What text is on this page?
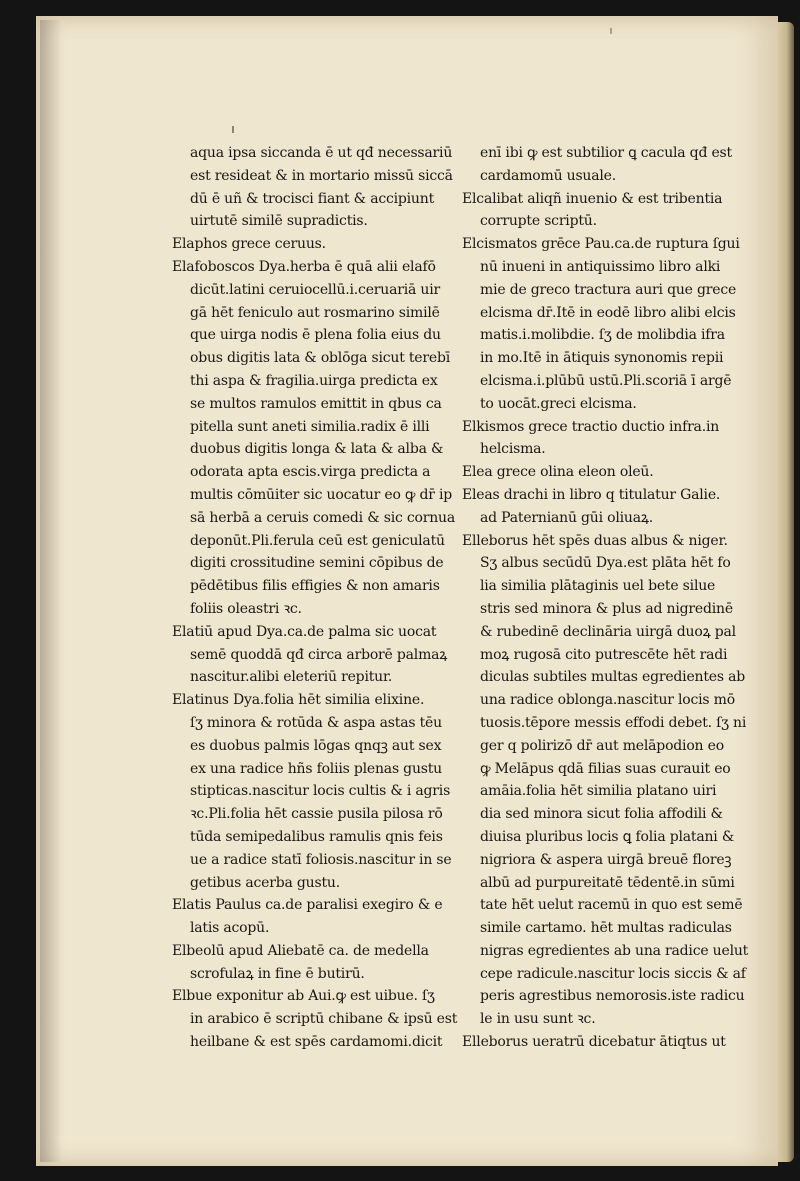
aqua ipsa siccanda ē ut qđ necessariū
est resideat & in mortario missū siccā
dū ē uñ & trocisci fiant & accipiunt
uirtutē similē supradictis.
Elaphos grece ceruus.
Elafoboscos Dya.herba ē quā alii elafō
dicūt.latini ceruiocellū.i.ceruariā uir
gā hēt feniculo aut rosmarino similē
que uirga nodis ē plena folia eius du
obus digitis lata & oblōga sicut terebī
thi aspa & fragilia.uirga predicta ex
se multos ramulos emittit in qbus ca
pitella sunt aneti similia.radix ē illi
duobus digitis longa & lata & alba &
odorata apta escis.virga predicta a
multis cōmūiter sic uocatur eo ꝙ dr̄ ip
sā herbā a ceruis comedi & sic cornua
deponūt.Pli.ferula ceū est geniculatū
digiti crossitudine semini cōpibus de
pēdētibus filis effigies & non amaris
foliis oleastri ꝛc.
Elatiū apud Dya.ca.de palma sic uocat
semē quoddā qđ circa arborē palmaꝝ
nascitur.alibi eleteriū repitur.
Elatinus Dya.folia hēt similia elixine.
ſʒ minora & rotūda & aspa astas tēu
es duobus palmis lōgas qnqꝫ aut sex
ex una radice hñs foliis plenas gustu
stipticas.nascitur locis cultis & i agris
ꝛc.Pli.folia hēt cassie pusila pilosa rō
tūda semipedalibus ramulis qnis feis
ue a radice statī foliosis.nascitur in se
getibus acerba gustu.
Elatis Paulus ca.de paralisi exegiro & e
latis acopū.
Elbeolū apud Aliebatē ca. de medella
scrofulaꝝ in fine ē butirū.
Elbue exponitur ab Aui.ꝙ est uibue. ſʒ
in arabico ē scriptū chibane & ipsū est
heilbane & est spēs cardamomi.dicit
enī ibi ꝙ est subtilior ꝗ cacula qđ est
cardamomū usuale.
Elcalibat aliqñ inuenio & est tribentia
corrupte scriptū.
Elcismatos grēce Pau.ca.de ruptura ſgui
nū inueni in antiquissimo libro alki
mie de greco tractura auri que grece
elcisma dr̄.Itē in eodē libro alibi elcis
matis.i.molibdie. ſʒ de molibdia ifra
in mo.Itē in ātiquis synonomis repii
elcisma.i.plūbū ustū.Pli.scoriā ī argē
to uocāt.greci elcisma.
Elkismos grece tractio ductio infra.in
helcisma.
Elea grece olina eleon oleū.
Eleas drachi in libro q titulatur Galie.
ad Paternianū gūi oliuaꝝ.
Elleborus hēt spēs duas albus & niger.
Sʒ albus secūdū Dya.est plāta hēt fo
lia similia plātaginis uel bete silue
stris sed minora & plus ad nigredinē
& rubedinē declināria uirgā duoꝝ pal
moꝝ rugosā cito putrescēte hēt radi
diculas subtiles multas egredientes ab
una radice oblonga.nascitur locis mō
tuosis.tēpore messis effodi debet. ſʒ ni
ger q polirizō dr̄ aut melāpodion eo
ꝙ Melāpus qdā filias suas curauit eo
amāia.folia hēt similia platano uiri
dia sed minora sicut folia affodili &
diuisa pluribus locis ꝗ folia platani &
nigriora & aspera uirgā breuē floreꝫ
albū ad purpureitatē tēdentē.in sūmi
tate hēt uelut racemū in quo est semē
simile cartamo. hēt multas radiculas
nigras egredientes ab una radice uelut
cepe radicule.nascitur locis siccis & af
peris agrestibus nemorosis.iste radicu
le in usu sunt ꝛc.
Elleborus ueratrū dicebatur ātiqtus ut
